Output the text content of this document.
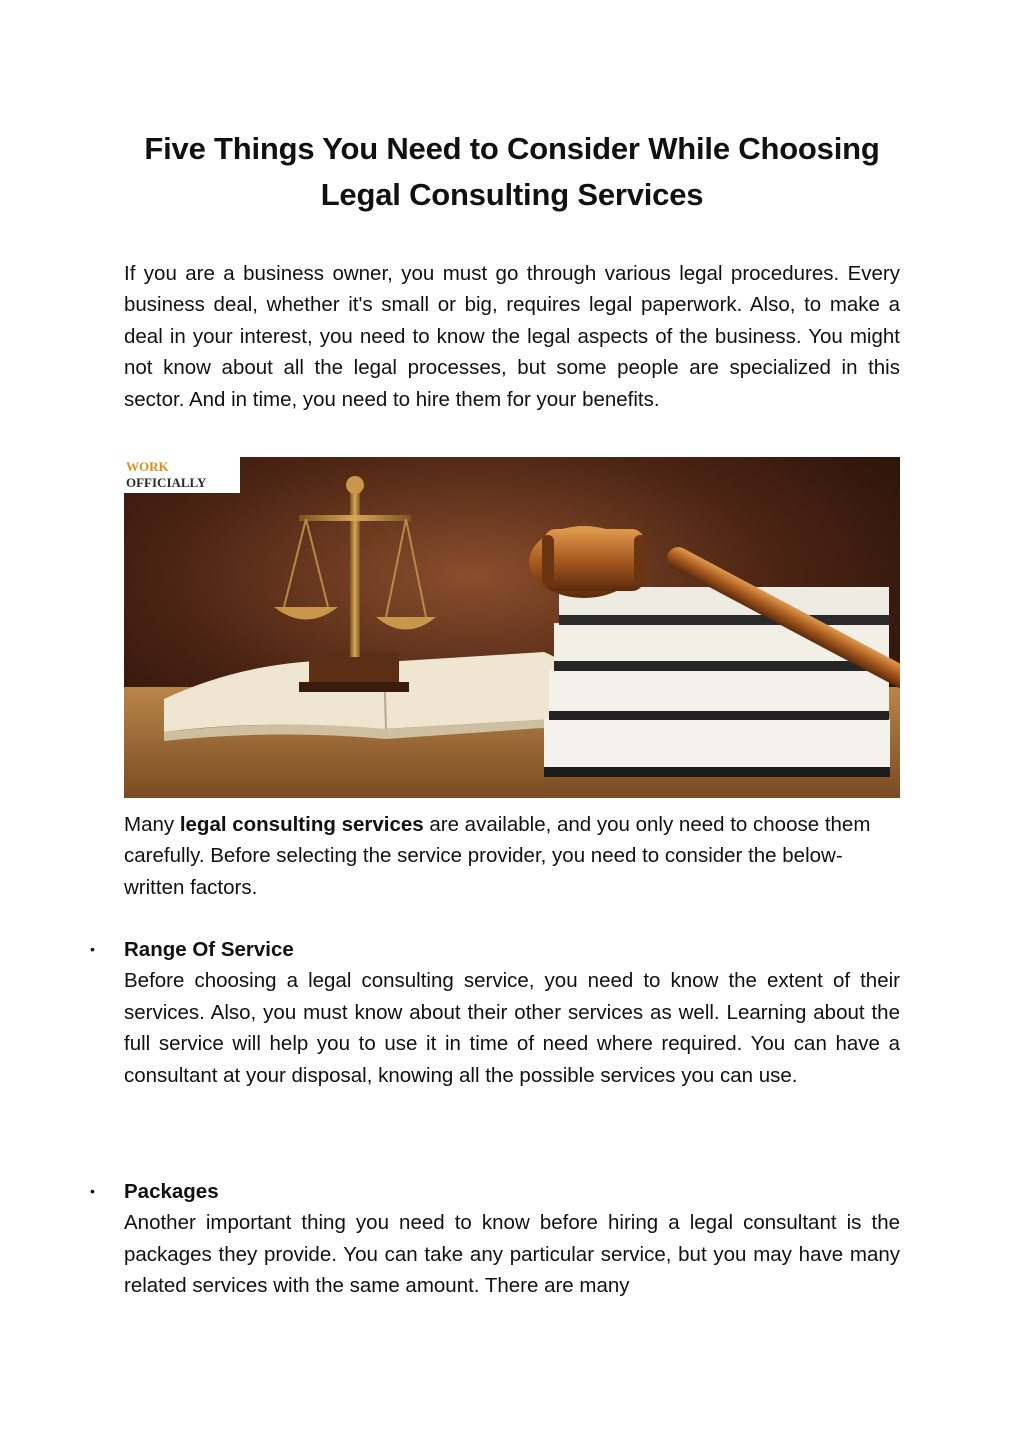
Five Things You Need to Consider While Choosing
Legal Consulting Services

If you are a business owner, you must go through various legal procedures. Every business deal, whether it's small or big, requires legal paperwork. Also, to make a deal in your interest, you need to know the legal aspects of the business. You might not know about all the legal processes, but some people are specialized in this sector. And in time, you need to hire them for your benefits.

WORK
OFFICIALLY

Many legal consulting services are available, and you only need to choose them carefully. Before selecting the service provider, you need to consider the below-written factors.

• Range Of Service

Before choosing a legal consulting service, you need to know the extent of their services. Also, you must know about their other services as well. Learning about the full service will help you to use it in time of need where required. You can have a consultant at your disposal, knowing all the possible services you can use.

• Packages

Another important thing you need to know before hiring a legal consultant is the packages they provide. You can take any particular service, but you may have many related services with the same amount. There are many
